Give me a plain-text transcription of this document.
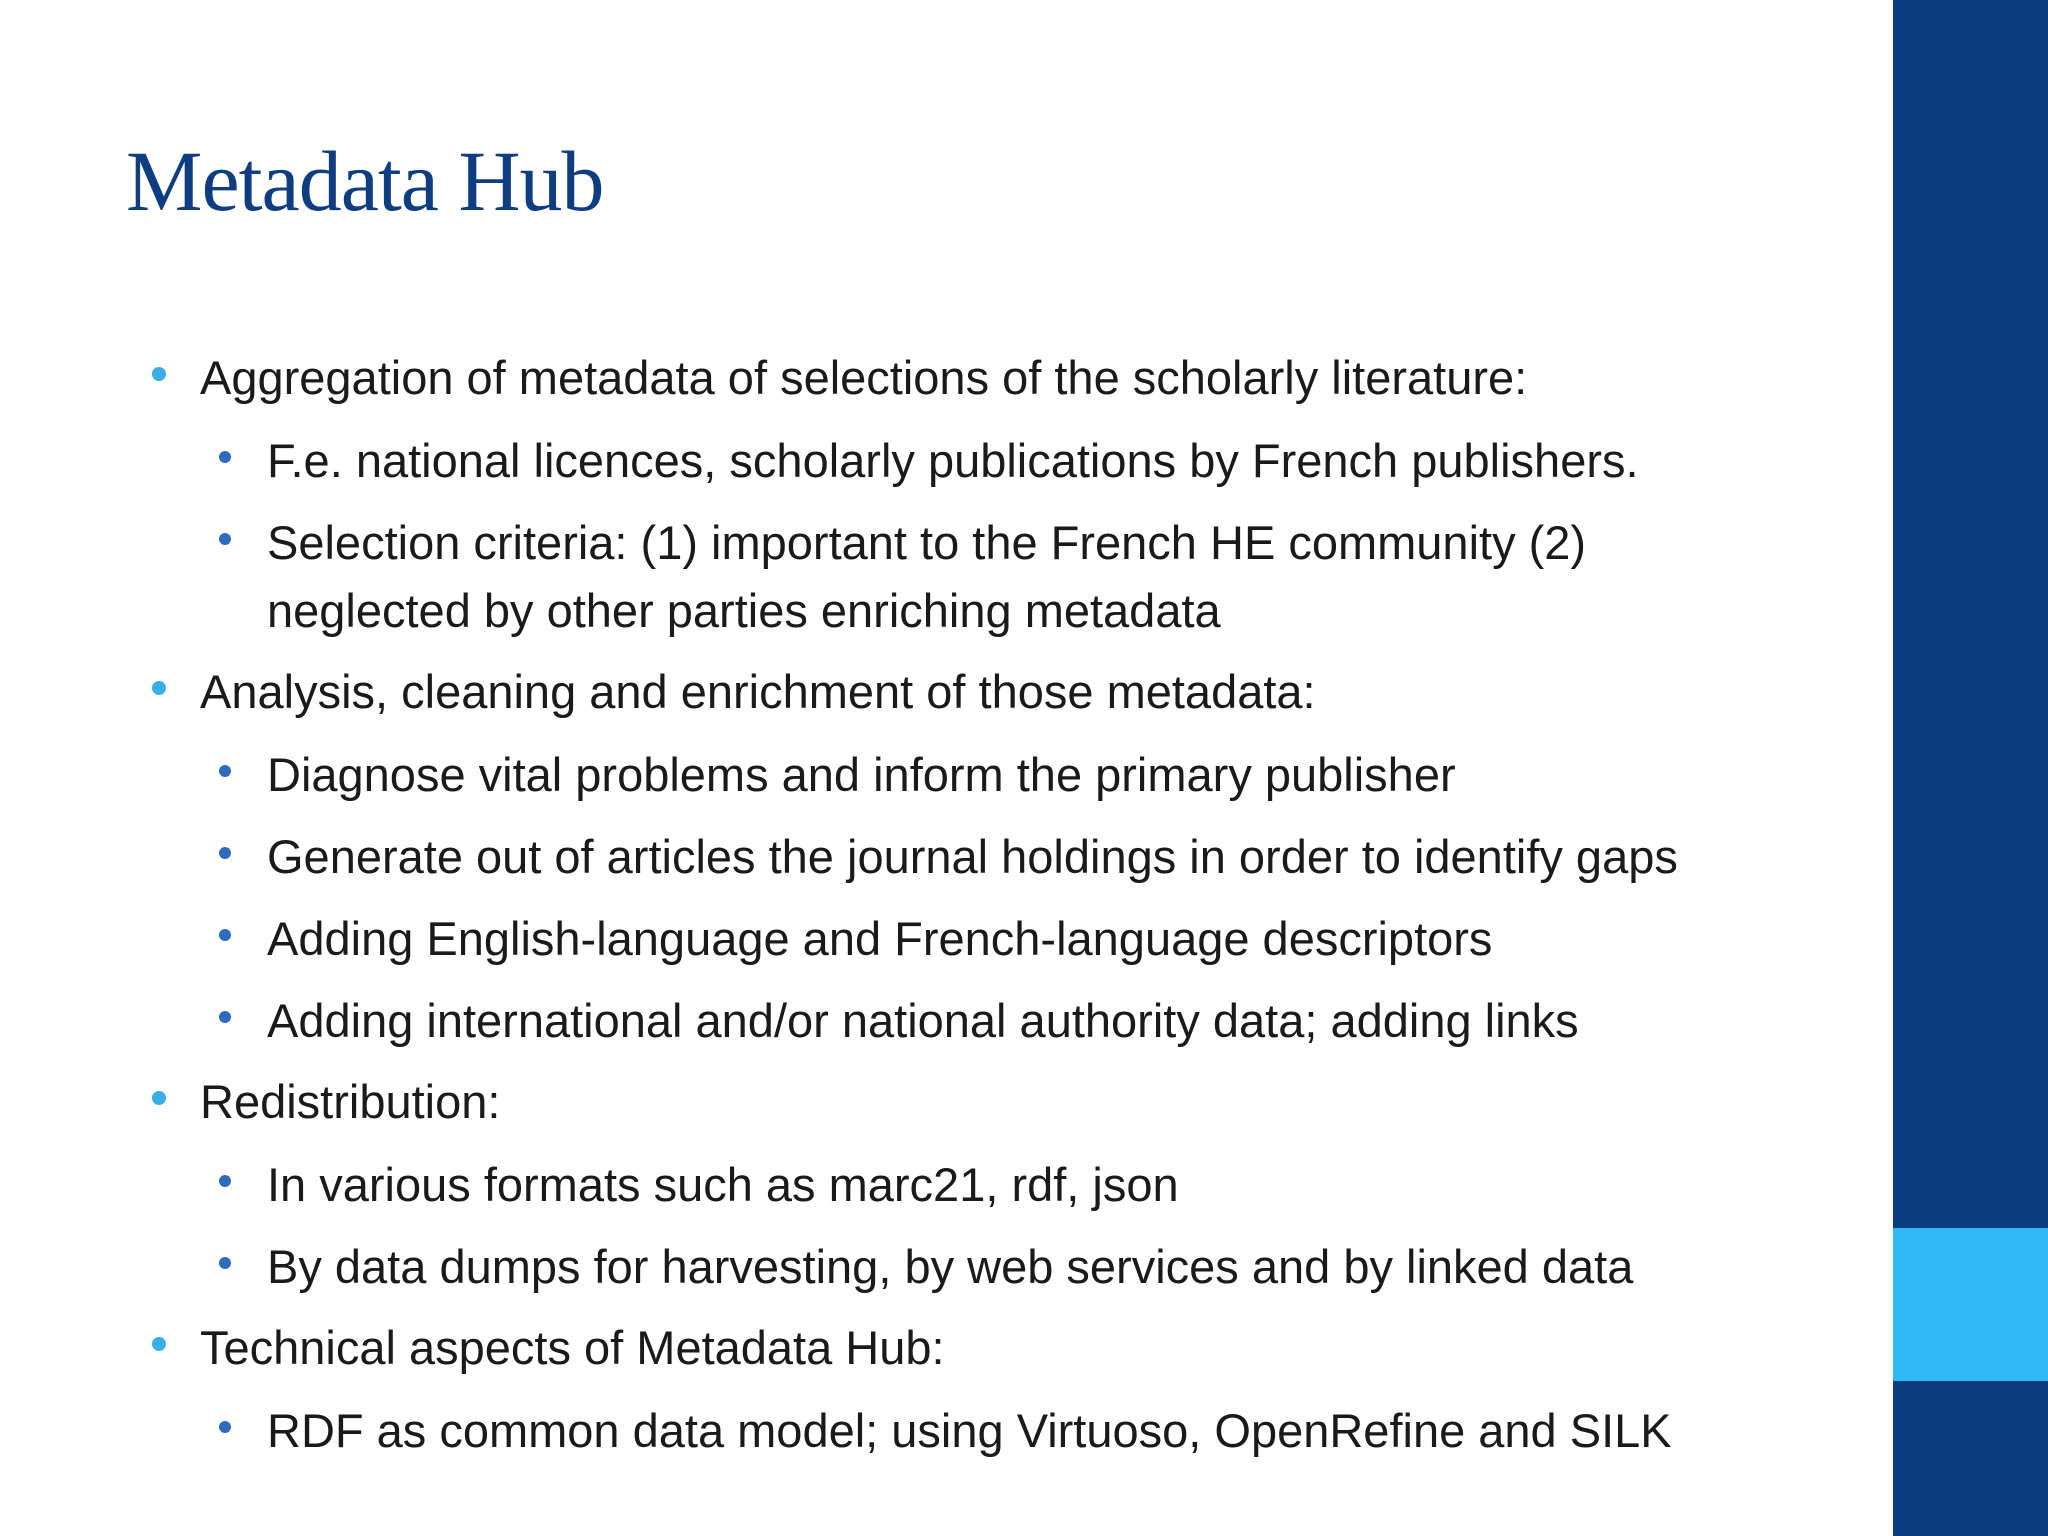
Metadata Hub
Aggregation of metadata of selections of the scholarly literature:
F.e. national licences, scholarly publications by French publishers.
Selection criteria: (1) important to the French HE community (2)
neglected by other parties enriching metadata
Analysis, cleaning and enrichment of those metadata:
Diagnose vital problems and inform the primary publisher
Generate out of articles the journal holdings in order to identify gaps
Adding English-language and French-language descriptors
Adding international and/or national authority data; adding links
Redistribution:
In various formats such as marc21, rdf, json
By data dumps for harvesting, by web services and by linked data
Technical aspects of Metadata Hub:
RDF as common data model; using Virtuoso, OpenRefine and SILK
